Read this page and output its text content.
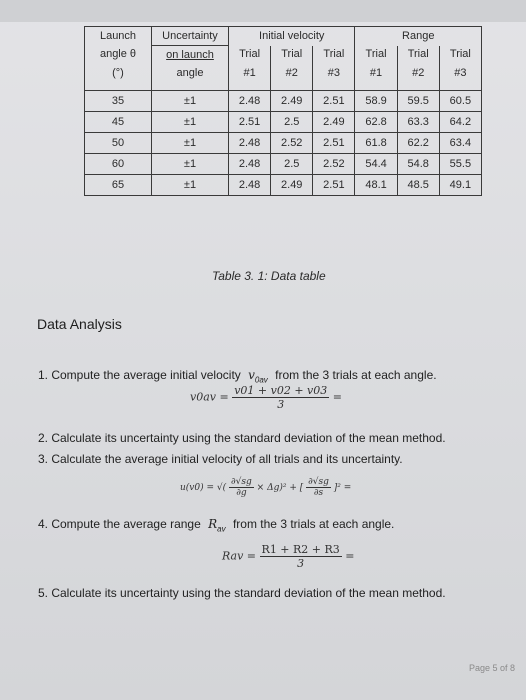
Launch	Uncertainty	Initial velocity			Range		
angle θ	on launch	Trial	Trial	Trial	Trial	Trial	Trial
(°)	angle	#1	#2	#3	#1	#2	#3

35	±1	2.48	2.49	2.51	58.9	59.5	60.5
45	±1	2.51	2.5	2.49	62.8	63.3	64.2
50	±1	2.48	2.52	2.51	61.8	62.2	63.4
60	±1	2.48	2.5	2.52	54.4	54.8	55.5
65	±1	2.48	2.49	2.51	48.1	48.5	49.1
Table 3. 1: Data table
Data Analysis
1. Compute the average initial velocity $v_{0av}$ from the 3 trials at each angle.
$v0av = \frac{v01 + v02 + v03}{3}$ =
2. Calculate its uncertainty using the standard deviation of the mean method.
3. Calculate the average initial velocity of all trials and its uncertainty.
u(v0) = √( $\frac{\partial√sg}{\partial g} \times \Delta g)^2$ + [ $\frac{\partial√sg}{\partial s} ]^2$ =
4. Compute the average range $R_{av}$ from the 3 trials at each angle.
Rav = $\frac{R1 + R2 + R3}{3}$ =
5. Calculate its uncertainty using the standard deviation of the mean method.
Page 5 of 8
